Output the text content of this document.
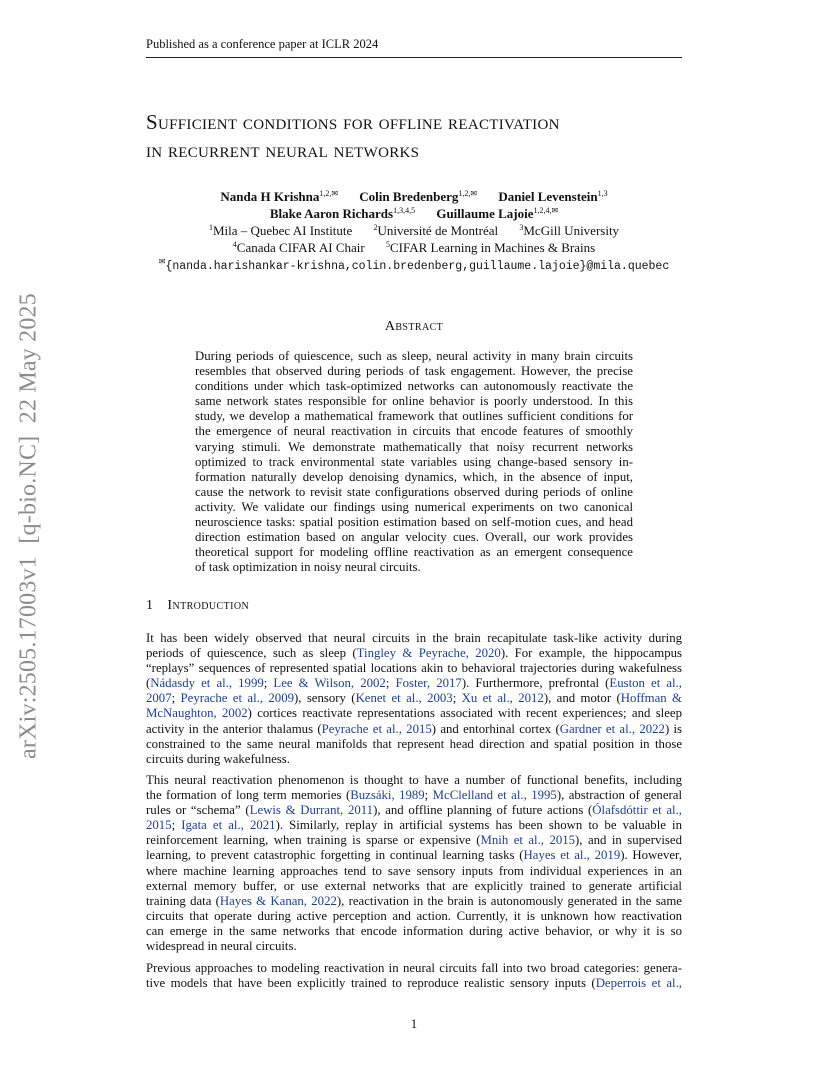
Published as a conference paper at ICLR 2024
arXiv:2505.17003v1  [q-bio.NC]  22 May 2025
Sufficient conditions for offline reactivation
in recurrent neural networks
Nanda H Krishna$^{1,2,✉}$ Colin Bredenberg$^{1,2,✉}$ Daniel Levenstein$^{1,3}$
Blake Aaron Richards$^{1,3,4,5}$ Guillaume Lajoie$^{1,2,4,✉}$
$^1$Mila – Quebec AI Institute	$^2$Université de Montréal	$^3$McGill University
$^4$Canada CIFAR AI Chair	$^5$CIFAR Learning in Machines & Brains
✉{nanda.harishankar-krishna,colin.bredenberg,guillaume.lajoie}@mila.quebec
Abstract
During periods of quiescence, such as sleep, neural activity in many brain circuits
resembles that observed during periods of task engagement. However, the precise
conditions under which task-optimized networks can autonomously reactivate the
same network states responsible for online behavior is poorly understood. In this
study, we develop a mathematical framework that outlines sufficient conditions for
the emergence of neural reactivation in circuits that encode features of smoothly
varying stimuli. We demonstrate mathematically that noisy recurrent networks
optimized to track environmental state variables using change-based sensory in-
formation naturally develop denoising dynamics, which, in the absence of input,
cause the network to revisit state configurations observed during periods of online
activity. We validate our findings using numerical experiments on two canonical
neuroscience tasks: spatial position estimation based on self-motion cues, and head
direction estimation based on angular velocity cues. Overall, our work provides
theoretical support for modeling offline reactivation as an emergent consequence
of task optimization in noisy neural circuits.
1 Introduction
It has been widely observed that neural circuits in the brain recapitulate task-like activity during
periods of quiescence, such as sleep (Tingley & Peyrache, 2020). For example, the hippocampus
“replays” sequences of represented spatial locations akin to behavioral trajectories during wakefulness
(Nádasdy et al., 1999; Lee & Wilson, 2002; Foster, 2017). Furthermore, prefrontal (Euston et al.,
2007; Peyrache et al., 2009), sensory (Kenet et al., 2003; Xu et al., 2012), and motor (Hoffman &
McNaughton, 2002) cortices reactivate representations associated with recent experiences; and sleep
activity in the anterior thalamus (Peyrache et al., 2015) and entorhinal cortex (Gardner et al., 2022) is
constrained to the same neural manifolds that represent head direction and spatial position in those
circuits during wakefulness.
This neural reactivation phenomenon is thought to have a number of functional benefits, including
the formation of long term memories (Buzsáki, 1989; McClelland et al., 1995), abstraction of general
rules or “schema” (Lewis & Durrant, 2011), and offline planning of future actions (Ólafsdóttir et al.,
2015; Igata et al., 2021). Similarly, replay in artificial systems has been shown to be valuable in
reinforcement learning, when training is sparse or expensive (Mnih et al., 2015), and in supervised
learning, to prevent catastrophic forgetting in continual learning tasks (Hayes et al., 2019). However,
where machine learning approaches tend to save sensory inputs from individual experiences in an
external memory buffer, or use external networks that are explicitly trained to generate artificial
training data (Hayes & Kanan, 2022), reactivation in the brain is autonomously generated in the same
circuits that operate during active perception and action. Currently, it is unknown how reactivation
can emerge in the same networks that encode information during active behavior, or why it is so
widespread in neural circuits.
Previous approaches to modeling reactivation in neural circuits fall into two broad categories: genera-
tive models that have been explicitly trained to reproduce realistic sensory inputs (Deperrois et al.,
1
